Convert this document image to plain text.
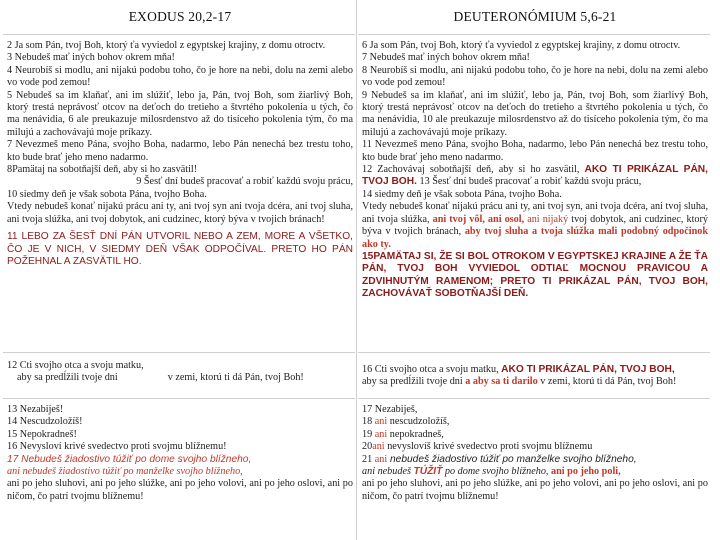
EXODUS 20,2-17

2 Ja som Pán, tvoj Boh, ktorý ťa vyviedol z egyptskej krajiny, z domu otroctv.

3 Nebudeš mať iných bohov okrem mňa!

4 Neurobíš si modlu, ani nijakú podobu toho, čo je hore na nebi, dolu na zemi alebo vo vode pod zemou!

5 Nebudeš sa im klaňať, ani im slúžiť, lebo ja, Pán, tvoj Boh, som žiarlivý Boh, ktorý trestá neprávosť otcov na deťoch do tretieho a štvrtého pokolenia u tých, čo ma nenávidia, 6 ale preukazuje milosrdenstvo až do tisíceho pokolenia tým, čo ma milujú a zachovávajú moje príkazy.

7 Nevezmeš meno Pána, svojho Boha, nadarmo, lebo Pán nenechá bez trestu toho, kto bude brať jeho meno nadarmo.

8Pamätaj na sobotňajší deň, aby si ho zasvätil!

9 Šesť dní budeš pracovať a robiť každú svoju prácu,

10 siedmy deň je však sobota Pána, tvojho Boha.

Vtedy nebudeš konať nijakú prácu ani ty, ani tvoj syn ani tvoja dcéra, ani tvoj sluha, ani tvoja slúžka, ani tvoj dobytok, ani cudzinec, ktorý býva v tvojich bránach!

11 LEBO ZA ŠESŤ DNÍ PÁN UTVORIL NEBO A ZEM, MORE A VŠETKO, ČO JE V NICH, V SIEDMY DEŇ VŠAK ODPOČÍVAL. PRETO HO PÁN POŽEHNAL A ZASVÄTIL HO.

12 Cti svojho otca a svoju matku,

aby sa predĺžili tvoje dni	v zemi, ktorú ti dá Pán, tvoj Boh!

13 Nezabiješ!

14 Nescudzoložíš!

15 Nepokradneš!

16 Nevysloví krivé svedectvo proti svojmu blížnemu!

17 Nebudeš žiadostivo túžiť po dome svojho blížneho,

ani nebudeš žiadostivo túžiť po manželke svojho blížneho,

ani po jeho sluhovi, ani po jeho slúžke, ani po jeho volovi, ani po jeho oslovi, ani po ničom, čo patrí tvojmu blížnemu!

DEUTERONÓMIUM 5,6-21

6 Ja som Pán, tvoj Boh, ktorý ťa vyviedol z egyptskej krajiny, z domu otroctv.

7 Nebudeš mať iných bohov okrem mňa!

8 Neurobíš si modlu, ani nijakú podobu toho, čo je hore na nebi, dolu na zemi alebo vo vode pod zemou!

9 Nebudeš sa im klaňať, ani im slúžiť, lebo ja, Pán, tvoj Boh, som žiarlivý Boh, ktorý trestá neprávosť otcov na deťoch do tretieho a štvrtého pokolenia u tých, čo ma nenávidia, 10 ale preukazuje milosrdenstvo až do tisíceho pokolenia tým, čo ma milujú a zachovávajú moje príkazy.

11 Nevezmeš meno Pána, svojho Boha, nadarmo, lebo Pán nenechá bez trestu toho, kto bude brať jeho meno nadarmo.

12 Zachovávaj sobotňajší deň, aby si ho zasvätil, AKO TI PRIKÁZAL PÁN, TVOJ BOH. 13 Šesť dní budeš pracovať a robiť každú svoju prácu,

14 siedmy deň je však sobota Pána, tvojho Boha.
Vtedy nebudeš konať nijakú prácu ani ty, ani tvoj syn, ani tvoja dcéra, ani tvoj sluha, ani tvoja slúžka, ani tvoj vôl, ani osol, ani nijaký tvoj dobytok, ani cudzinec, ktorý býva v tvojich bránach, aby tvoj sluha a tvoja slúžka mali podobný odpočinok ako ty.

15PAMÄTAJ SI, ŽE SI BOL OTROKOM V EGYPTSKEJ KRAJINE A ŽE ŤA PÁN, TVOJ BOH VYVIEDOL ODTIAĽ MOCNOU PRAVICOU A ZDVIHNUTÝM RAMENOM; PRETO TI PRIKÁZAL PÁN, TVOJ BOH, ZACHOVÁVAŤ SOBOTŇAJŠÍ DEŇ.

16 Cti svojho otca a svoju matku, AKO TI PRIKÁZAL PÁN, TVOJ BOH,

aby sa predĺžili tvoje dni a aby sa ti darilo v zemi, ktorú ti dá Pán, tvoj Boh!

17 Nezabiješ,

18 ani nescudzoložíš,

19 ani nepokradneš,

20ani nevyslovíš krivé svedectvo proti svojmu blížnemu

21 ani nebudeš žiadostivo túžiť po manželke svojho blížneho,

ani nebudeš TÚŽIŤ po dome svojho blížneho, ani po jeho poli,

ani po jeho sluhovi, ani po jeho slúžke, ani po jeho volovi, ani po jeho oslovi, ani po ničom, čo patrí tvojmu blížnemu!
